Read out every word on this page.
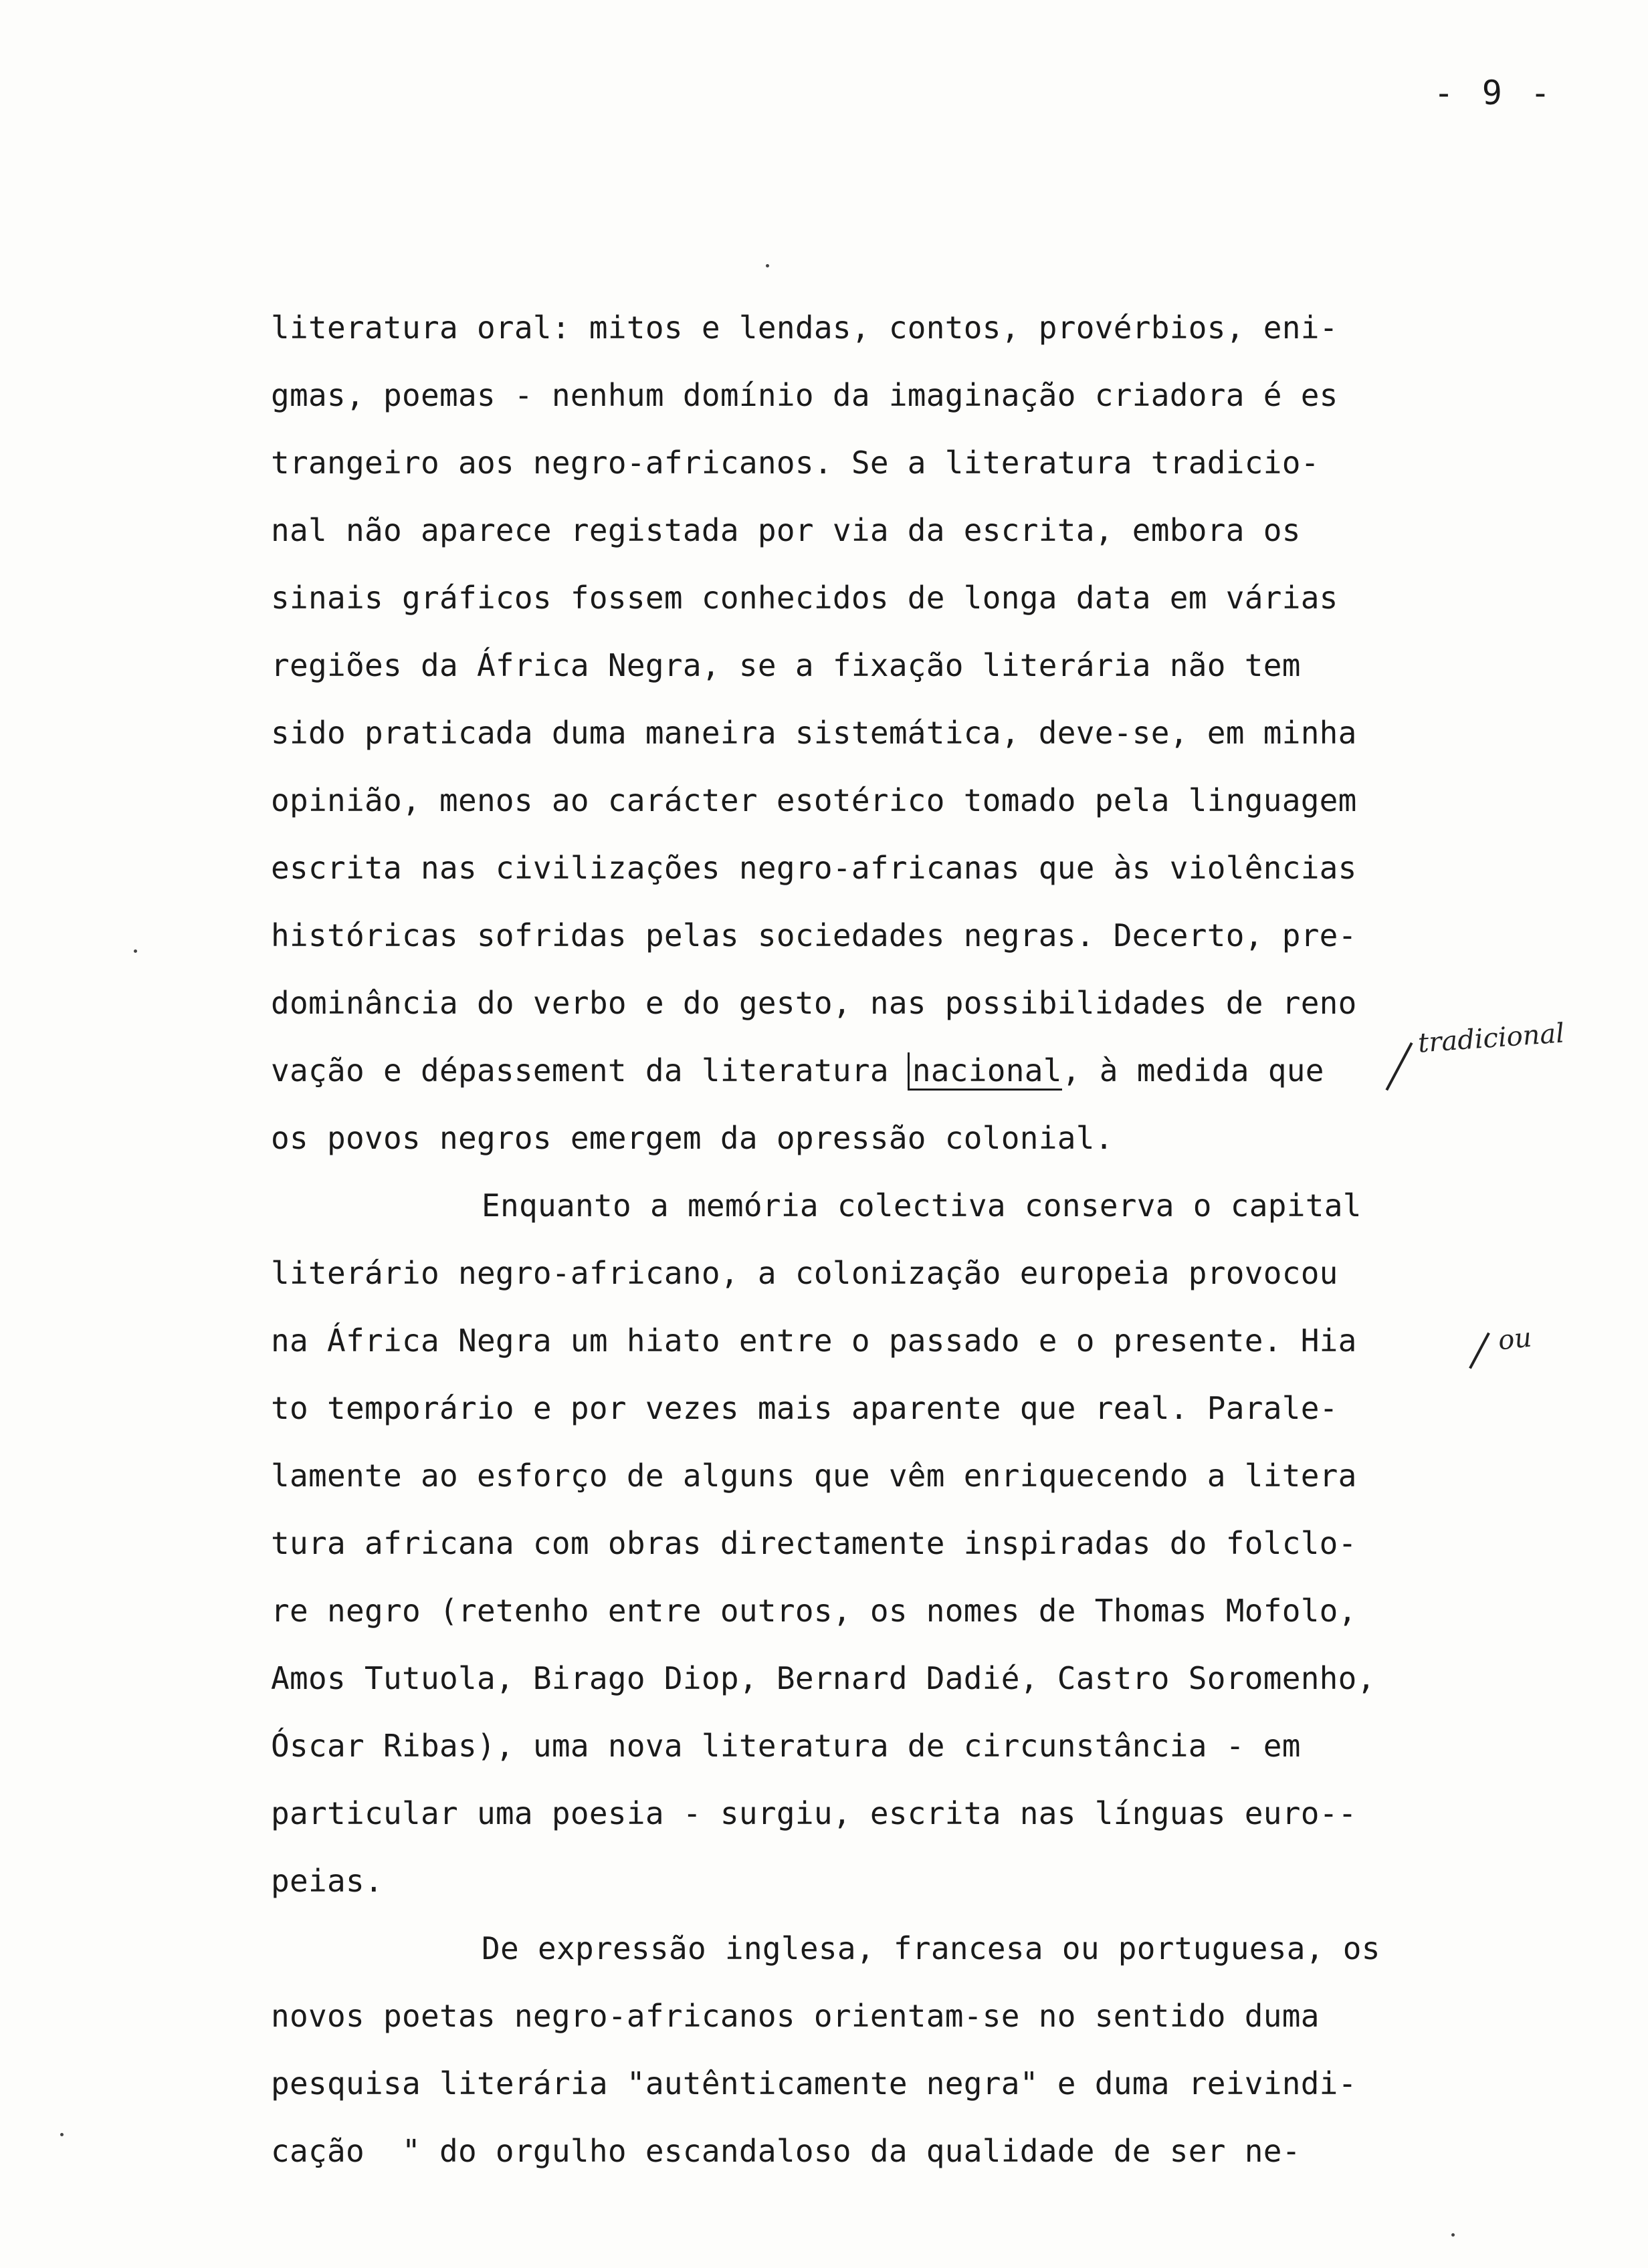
- 9 -
literatura oral: mitos e lendas, contos, provérbios, eni-
gmas, poemas - nenhum domínio da imaginação criadora é es
trangeiro aos negro-africanos. Se a literatura tradicio-
nal não aparece registada por via da escrita, embora os
sinais gráficos fossem conhecidos de longa data em várias
regiões da África Negra, se a fixação literária não tem
sido praticada duma maneira sistemática, deve-se, em minha
opinião, menos ao carácter esotérico tomado pela linguagem
escrita nas civilizações negro-africanas que às violências
históricas sofridas pelas sociedades negras. Decerto, pre-
dominância do verbo e do gesto, nas possibilidades de reno
vação e dépassement da literatura nacional, à medida que
os povos negros emergem da opressão colonial.
Enquanto a memória colectiva conserva o capital
literário negro-africano, a colonização europeia provocou
na África Negra um hiato entre o passado e o presente. Hia
to temporário e por vezes mais aparente que real. Parale-
lamente ao esforço de alguns que vêm enriquecendo a litera
tura africana com obras directamente inspiradas do folclo-
re negro (retenho entre outros, os nomes de Thomas Mofolo,
Amos Tutuola, Birago Diop, Bernard Dadié, Castro Soromenho,
Óscar Ribas), uma nova literatura de circunstância - em
particular uma poesia - surgiu, escrita nas línguas euro--
peias.
De expressão inglesa, francesa ou portuguesa, os
novos poetas negro-africanos orientam-se no sentido duma
pesquisa literária "autênticamente negra" e duma reivindi-
cação  " do orgulho escandaloso da qualidade de ser ne-
tradicional
ou
